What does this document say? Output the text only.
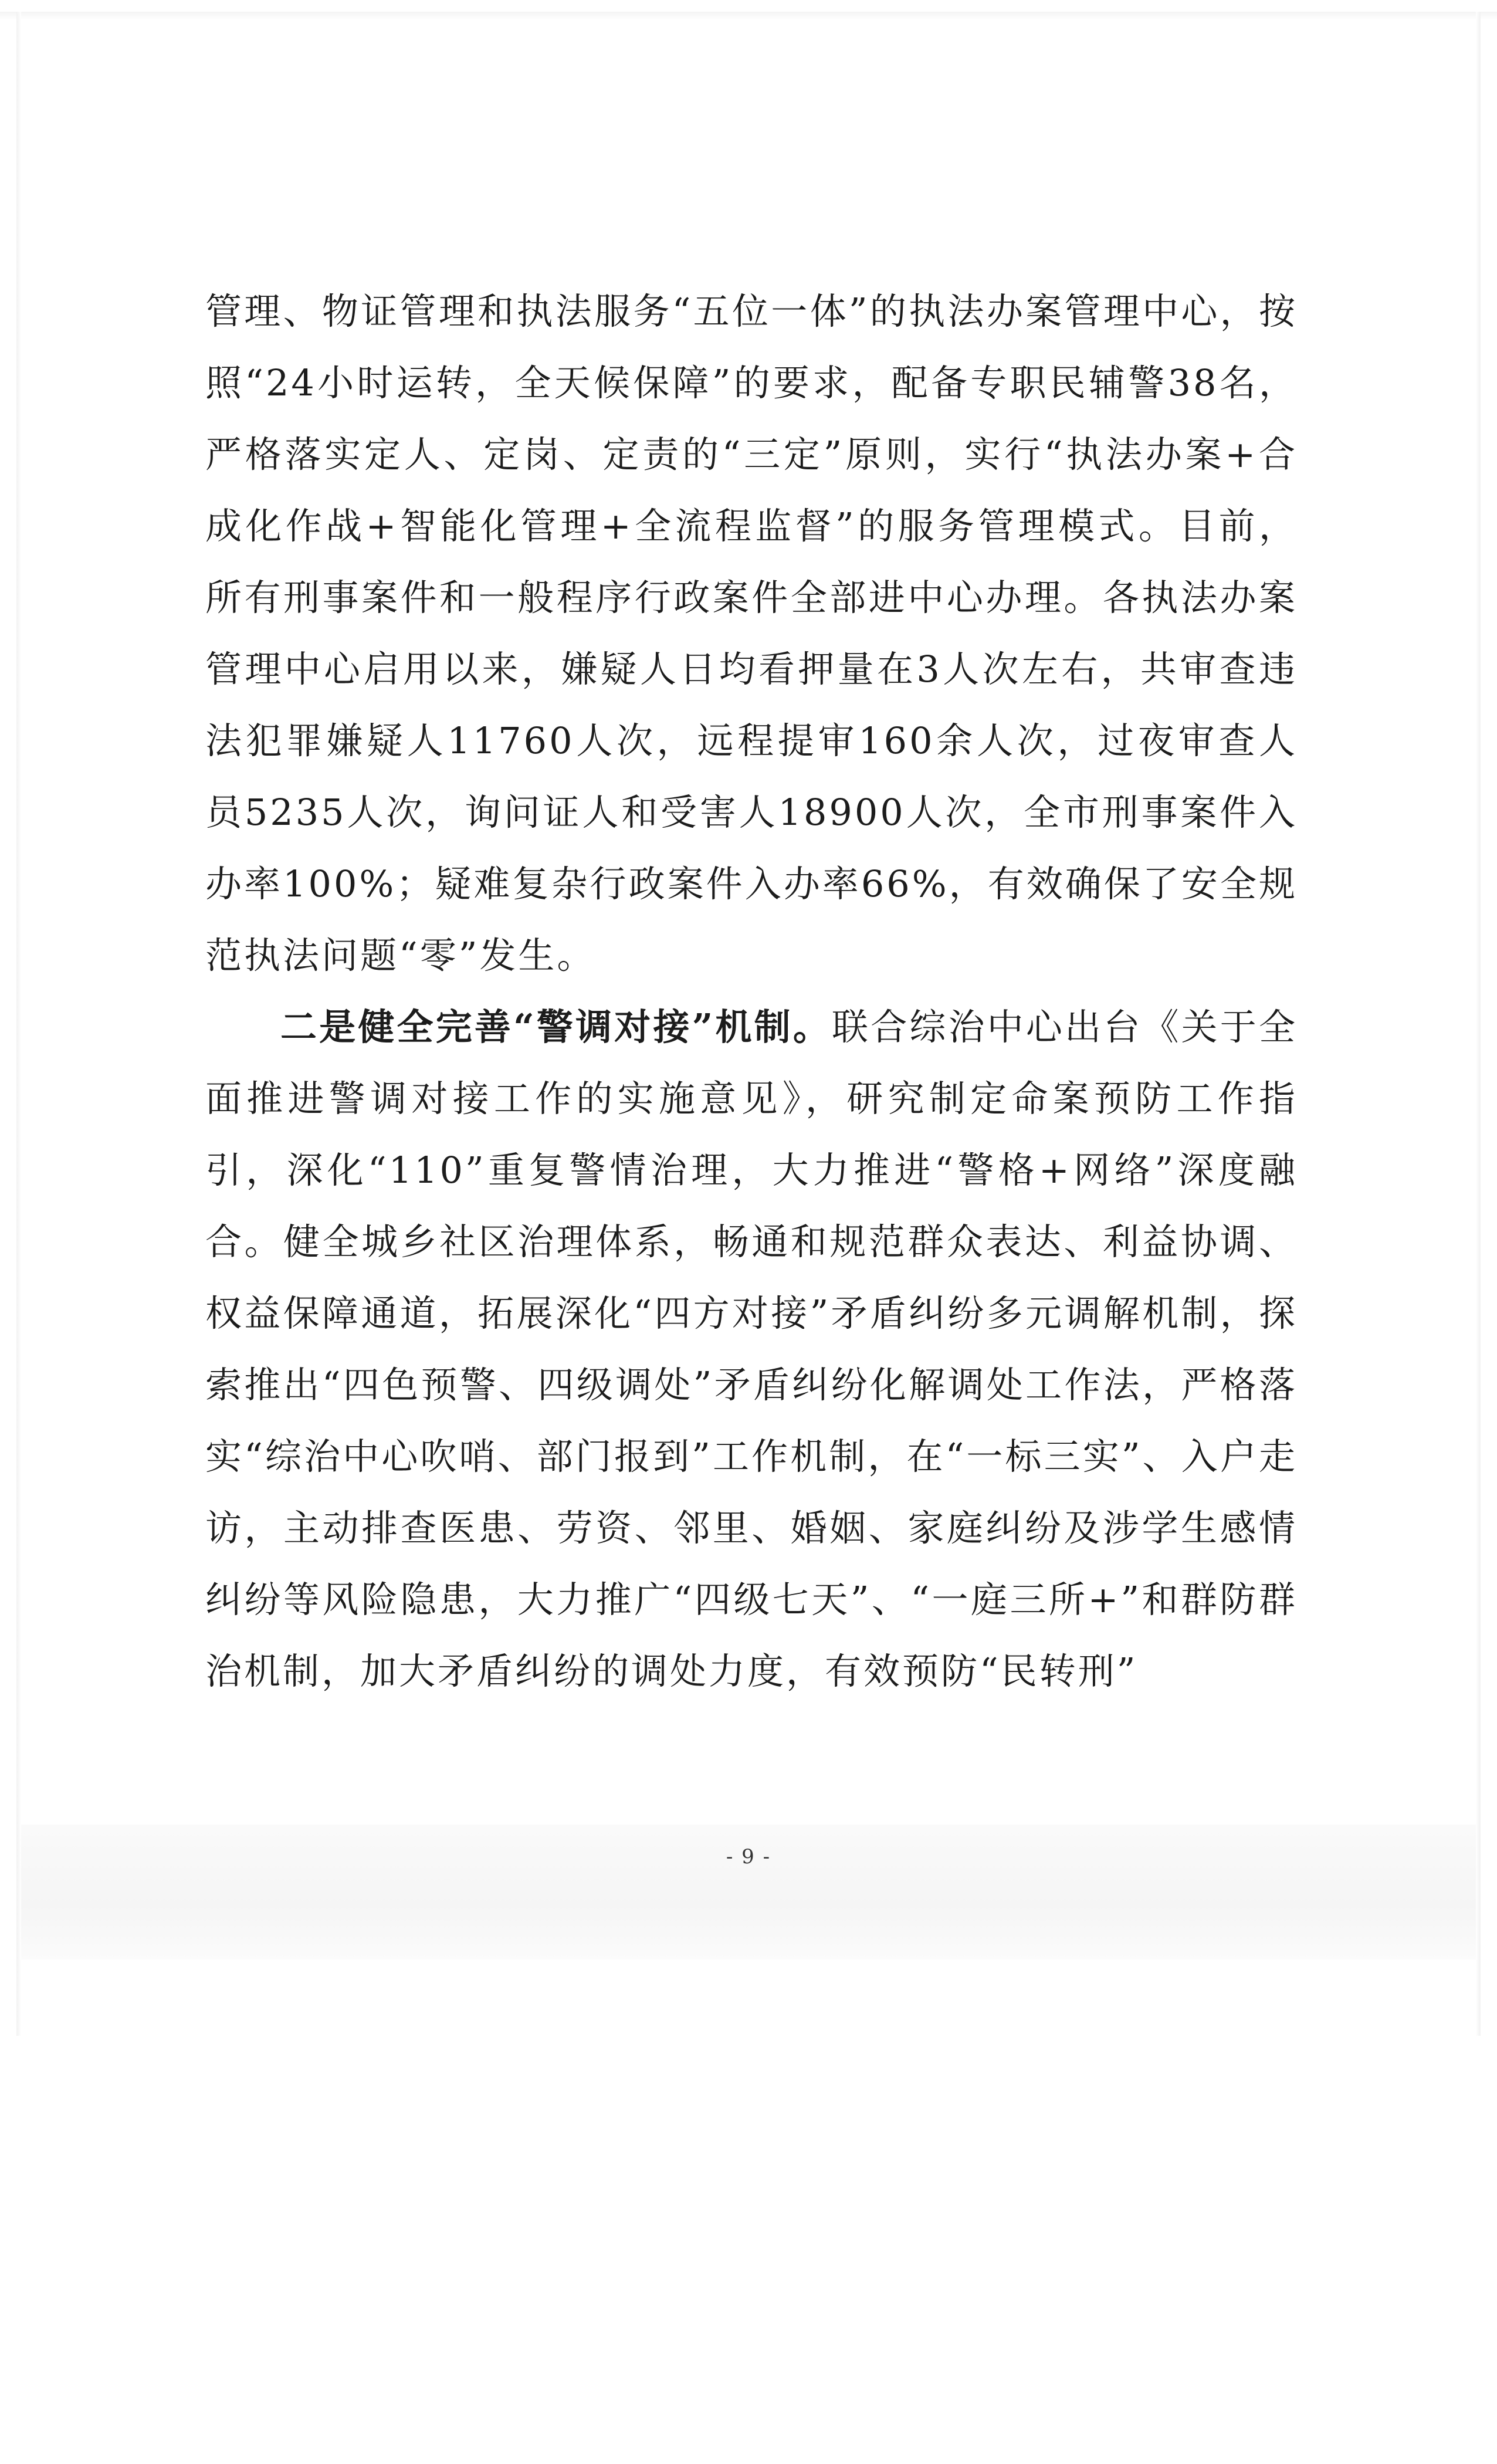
管理、物证管理和执法服务“五位一体”的执法办案管理中心，按照“24小时运转，全天候保障”的要求，配备专职民辅警38名，严格落实定人、定岗、定责的“三定”原则，实行“执法办案+合成化作战+智能化管理+全流程监督”的服务管理模式。目前，所有刑事案件和一般程序行政案件全部进中心办理。各执法办案管理中心启用以来，嫌疑人日均看押量在3人次左右，共审查违法犯罪嫌疑人11760人次，远程提审160余人次，过夜审查人员5235人次，询问证人和受害人18900人次，全市刑事案件入办率100%；疑难复杂行政案件入办率66%，有效确保了安全规范执法问题“零”发生。

二是健全完善“警调对接”机制。联合综治中心出台《关于全面推进警调对接工作的实施意见》，研究制定命案预防工作指引，深化“110”重复警情治理，大力推进“警格+网络”深度融合。健全城乡社区治理体系，畅通和规范群众表达、利益协调、权益保障通道，拓展深化“四方对接”矛盾纠纷多元调解机制，探索推出“四色预警、四级调处”矛盾纠纷化解调处工作法，严格落实“综治中心吹哨、部门报到”工作机制，在“一标三实”、入户走访，主动排查医患、劳资、邻里、婚姻、家庭纠纷及涉学生感情纠纷等风险隐患，大力推广“四级七天”、“一庭三所+”和群防群治机制，加大矛盾纠纷的调处力度，有效预防“民转刑”

- 9 -
